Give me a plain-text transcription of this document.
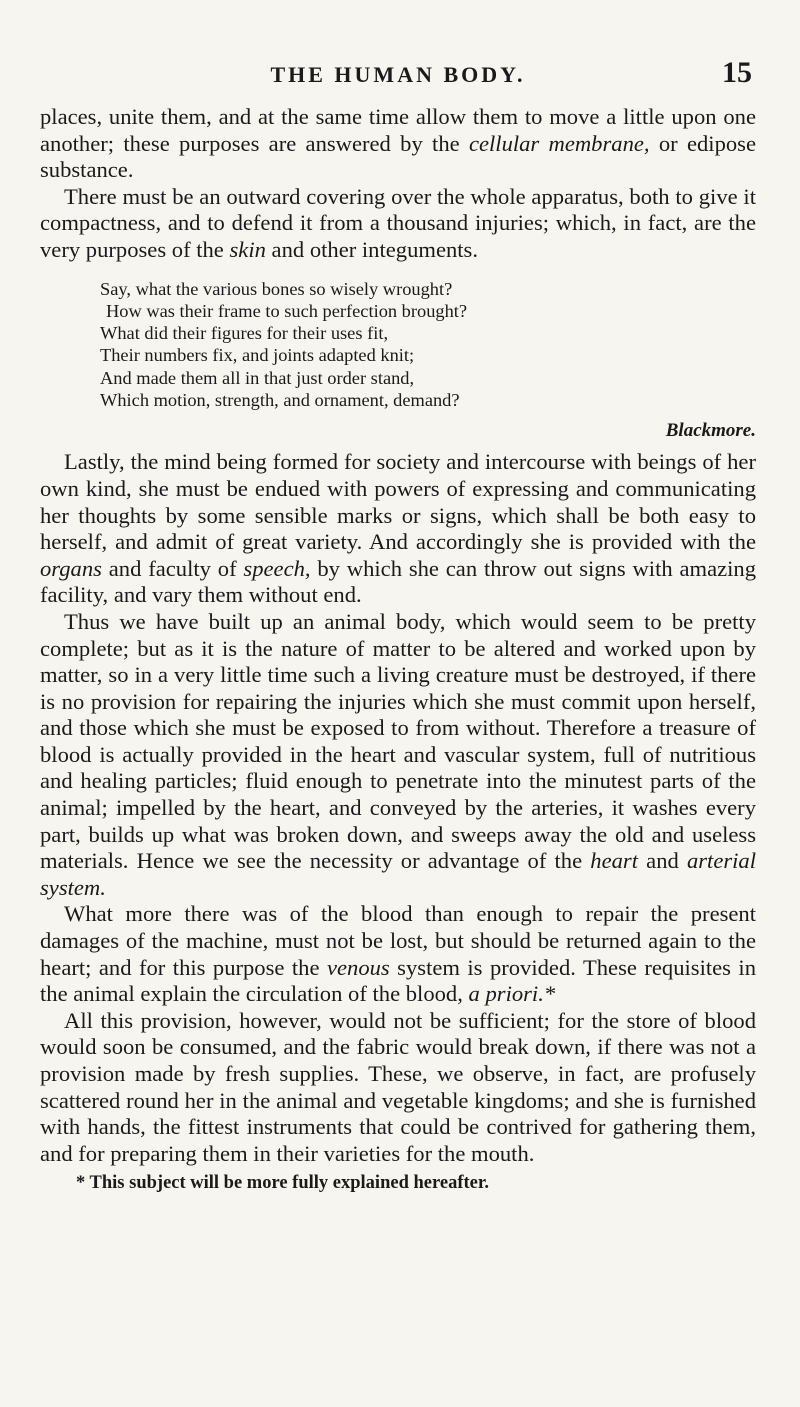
THE HUMAN BODY.	15

places, unite them, and at the same time allow them to move a little upon one another; these purposes are answered by the cellular membrane, or edipose substance.

There must be an outward covering over the whole apparatus, both to give it compactness, and to defend it from a thousand injuries; which, in fact, are the very purposes of the skin and other integuments.

Say, what the various bones so wisely wrought?
How was their frame to such perfection brought?
What did their figures for their uses fit,
Their numbers fix, and joints adapted knit;
And made them all in that just order stand,
Which motion, strength, and ornament, demand?
Blackmore.

Lastly, the mind being formed for society and intercourse with beings of her own kind, she must be endued with powers of expressing and communicating her thoughts by some sensible marks or signs, which shall be both easy to herself, and admit of great variety. And accordingly she is provided with the organs and faculty of speech, by which she can throw out signs with amazing facility, and vary them without end.

Thus we have built up an animal body, which would seem to be pretty complete; but as it is the nature of matter to be altered and worked upon by matter, so in a very little time such a living creature must be destroyed, if there is no provision for repairing the injuries which she must commit upon herself, and those which she must be exposed to from without. Therefore a treasure of blood is actually provided in the heart and vascular system, full of nutritious and healing particles; fluid enough to penetrate into the minutest parts of the animal; impelled by the heart, and conveyed by the arteries, it washes every part, builds up what was broken down, and sweeps away the old and useless materials. Hence we see the necessity or advantage of the heart and arterial system.

What more there was of the blood than enough to repair the present damages of the machine, must not be lost, but should be returned again to the heart; and for this purpose the venous system is provided. These requisites in the animal explain the circulation of the blood, a priori.*

All this provision, however, would not be sufficient; for the store of blood would soon be consumed, and the fabric would break down, if there was not a provision made by fresh supplies. These, we observe, in fact, are profusely scattered round her in the animal and vegetable kingdoms; and she is furnished with hands, the fittest instruments that could be contrived for gathering them, and for preparing them in their varieties for the mouth.

* This subject will be more fully explained hereafter.
